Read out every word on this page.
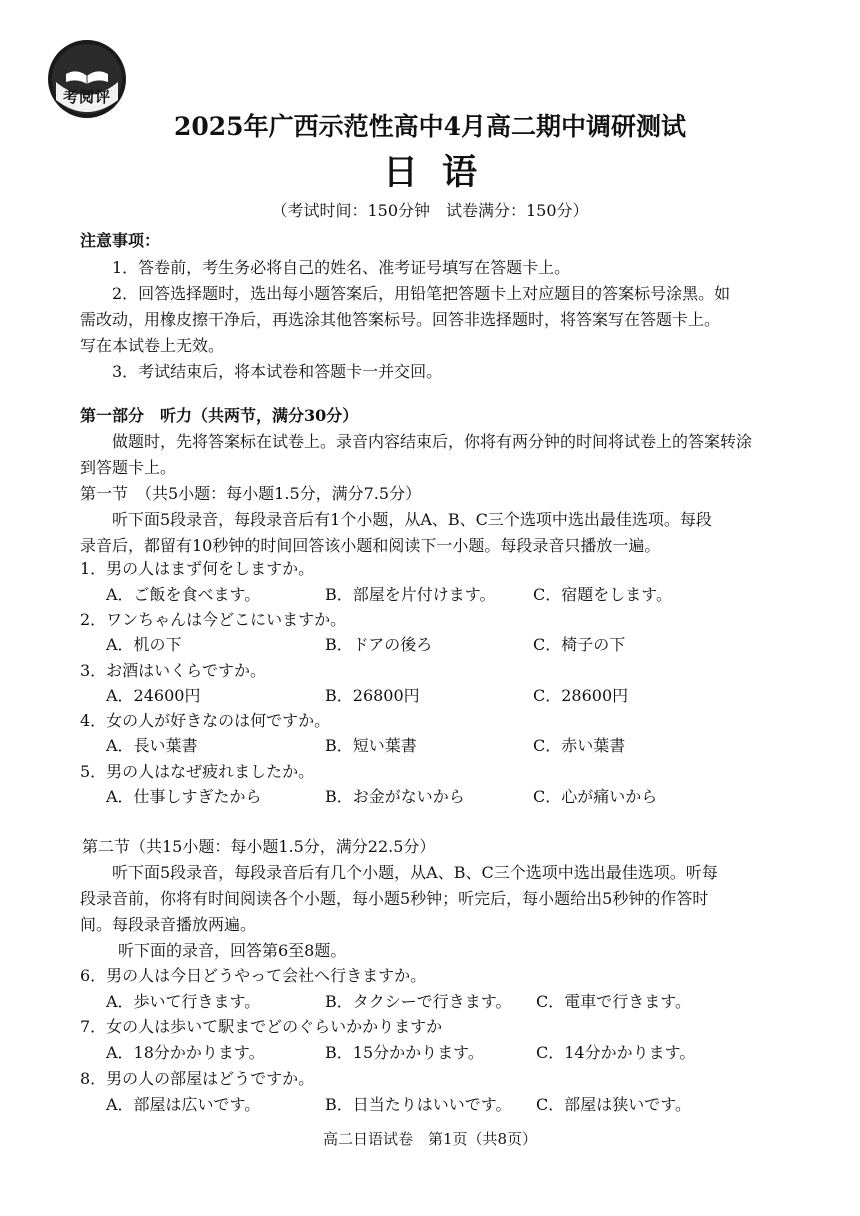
考阅评
2025年广西示范性高中4月高二期中调研测试
日语

（考试时间：150分钟　试卷满分：150分）

注意事项：

1．答卷前，考生务必将自己的姓名、准考证号填写在答题卡上。

2．回答选择题时，选出每小题答案后，用铅笔把答题卡上对应题目的答案标号涂黑。如

需改动，用橡皮擦干净后，再选涂其他答案标号。回答非选择题时，将答案写在答题卡上。

写在本试卷上无效。

3．考试结束后，将本试卷和答题卡一并交回。

第一部分　听力（共两节，满分30分）

做题时，先将答案标在试卷上。录音内容结束后，你将有两分钟的时间将试卷上的答案转涂

到答题卡上。

第一节　（共5小题：每小题1.5分，满分7.5分）

听下面5段录音，每段录音后有1个小题，从A、B、C三个选项中选出最佳选项。每段

录音后，都留有10秒钟的时间回答该小题和阅读下一小题。每段录音只播放一遍。

1．男の人はまず何をしますか。
A．ご飯を食べます。	B．部屋を片付けます。 C．宿題をします。
2．ワンちゃんは今どこにいますか。
A．机の下	B．ドアの後ろ	C．椅子の下
3．お酒はいくらですか。
A．24600円	B．26800円	C．28600円
4．女の人が好きなのは何ですか。
A．長い葉書	B．短い葉書	C．赤い葉書
5．男の人はなぜ疲れましたか。
A．仕事しすぎたから	B．お金がないから	C．心が痛いから

第二节（共15小题：每小题1.5分，满分22.5分）

听下面5段录音，每段录音后有几个小题，从A、B、C三个选项中选出最佳选项。听每

段录音前，你将有时间阅读各个小题，每小题5秒钟；听完后，每小题给出5秒钟的作答时

间。每段录音播放两遍。

听下面的录音，回答第6至8题。

6．男の人は今日どうやって会社へ行きますか。
A．歩いて行きます。	B．タクシーで行きます。 C．電車で行きます。
7．女の人は歩いて駅までどのぐらいかかりますか
A．18分かかります。	B．15分かかります。	C．14分かかります。
8．男の人の部屋はどうですか。
A．部屋は広いです。	B．日当たりはいいです。 C．部屋は狭いです。

高二日语试卷　第1页（共8页）
